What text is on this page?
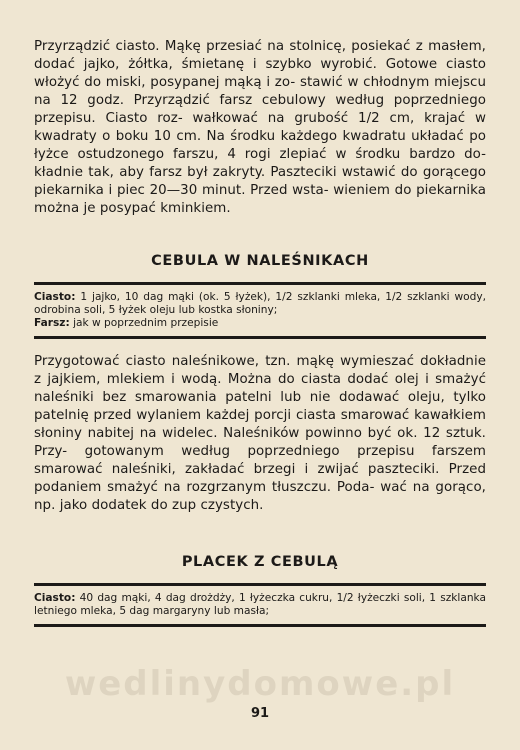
Przyrządzić ciasto. Mąkę przesiać na stolnicę, posiekać z masłem, dodać jajko, żółtka, śmietanę i szybko wyrobić. Gotowe ciasto włożyć do miski, posypanej mąką i zo- stawić w chłodnym miejscu na 12 godz. Przyrządzić farsz cebulowy według poprzedniego przepisu. Ciasto roz- wałkować na grubość 1/2 cm, krajać w kwadraty o boku 10 cm. Na środku każdego kwadratu układać po łyżce ostudzonego farszu, 4 rogi zlepiać w środku bardzo do- kładnie tak, aby farsz był zakryty. Paszteciki wstawić do gorącego piekarnika i piec 20—30 minut. Przed wsta- wieniem do piekarnika można je posypać kminkiem.

CEBULA W NALEŚNIKACH

Ciasto: 1 jajko, 10 dag mąki (ok. 5 łyżek), 1/2 szklanki mleka, 1/2 szklanki wody, odrobina soli, 5 łyżek oleju lub kostka słoniny;

Farsz: jak w poprzednim przepisie

Przygotować ciasto naleśnikowe, tzn. mąkę wymieszać dokładnie z jajkiem, mlekiem i wodą. Można do ciasta dodać olej i smażyć naleśniki bez smarowania patelni lub nie dodawać oleju, tylko patelnię przed wylaniem każdej porcji ciasta smarować kawałkiem słoniny nabitej na widelec. Naleśników powinno być ok. 12 sztuk. Przy- gotowanym według poprzedniego przepisu farszem smarować naleśniki, zakładać brzegi i zwijać paszteciki. Przed podaniem smażyć na rozgrzanym tłuszczu. Poda- wać na gorąco, np. jako dodatek do zup czystych.

PLACEK Z CEBULĄ

Ciasto: 40 dag mąki, 4 dag drożdży, 1 łyżeczka cukru, 1/2 łyżeczki soli, 1 szklanka letniego mleka, 5 dag margaryny lub masła;

wedlinydomowe.pl
91
